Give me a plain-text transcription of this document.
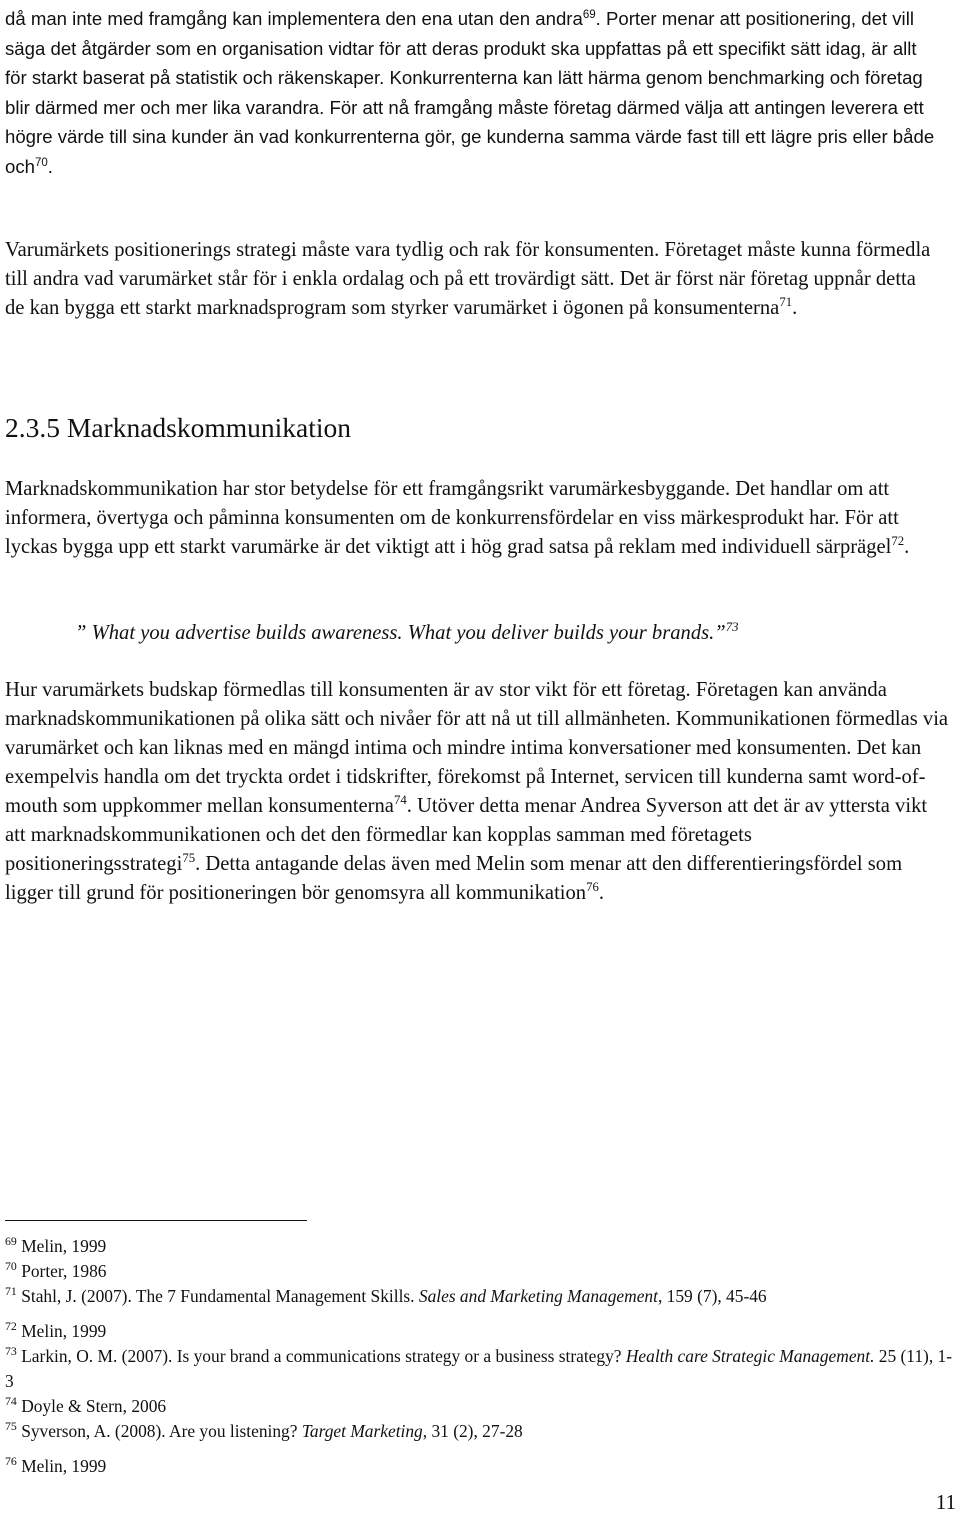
då man inte med framgång kan implementera den ena utan den andra$^{69}$. Porter menar att positionering, det vill säga det åtgärder som en organisation vidtar för att deras produkt ska uppfattas på ett specifikt sätt idag, är allt för starkt baserat på statistik och räkenskaper. Konkurrenterna kan lätt härma genom benchmarking och företag blir därmed mer och mer lika varandra. För att nå framgång måste företag därmed välja att antingen leverera ett högre värde till sina kunder än vad konkurrenterna gör, ge kunderna samma värde fast till ett lägre pris eller både och$^{70}$.

Varumärkets positionerings strategi måste vara tydlig och rak för konsumenten. Företaget måste kunna förmedla till andra vad varumärket står för i enkla ordalag och på ett trovärdigt sätt. Det är först när företag uppnår detta de kan bygga ett starkt marknadsprogram som styrker varumärket i ögonen på konsumenterna$^{71}$.

2.3.5 Marknadskommunikation

Marknadskommunikation har stor betydelse för ett framgångsrikt varumärkesbyggande. Det handlar om att informera, övertyga och påminna konsumenten om de konkurrensfördelar en viss märkesprodukt har. För att lyckas bygga upp ett starkt varumärke är det viktigt att i hög grad satsa på reklam med individuell särprägel$^{72}$.

” What you advertise builds awareness. What you deliver builds your brands.”$^{73}$

Hur varumärkets budskap förmedlas till konsumenten är av stor vikt för ett företag. Företagen kan använda marknadskommunikationen på olika sätt och nivåer för att nå ut till allmänheten. Kommunikationen förmedlas via varumärket och kan liknas med en mängd intima och mindre intima konversationer med konsumenten. Det kan exempelvis handla om det tryckta ordet i tidskrifter, förekomst på Internet, servicen till kunderna samt word-of-mouth som uppkommer mellan konsumenterna$^{74}$. Utöver detta menar Andrea Syverson att det är av yttersta vikt att marknadskommunikationen och det den förmedlar kan kopplas samman med företagets positioneringsstrategi$^{75}$. Detta antagande delas även med Melin som menar att den differentieringsfördel som ligger till grund för positioneringen bör genomsyra all kommunikation$^{76}$.

$^{69}$ Melin, 1999

$^{70}$ Porter, 1986

$^{71}$ Stahl, J. (2007). The 7 Fundamental Management Skills. Sales and Marketing Management, 159 (7), 45-46

$^{72}$ Melin, 1999

$^{73}$ Larkin, O. M. (2007). Is your brand a communications strategy or a business strategy? Health care Strategic Management. 25 (11), 1-3

$^{74}$ Doyle & Stern, 2006

$^{75}$ Syverson, A. (2008). Are you listening? Target Marketing, 31 (2), 27-28

$^{76}$ Melin, 1999

11
